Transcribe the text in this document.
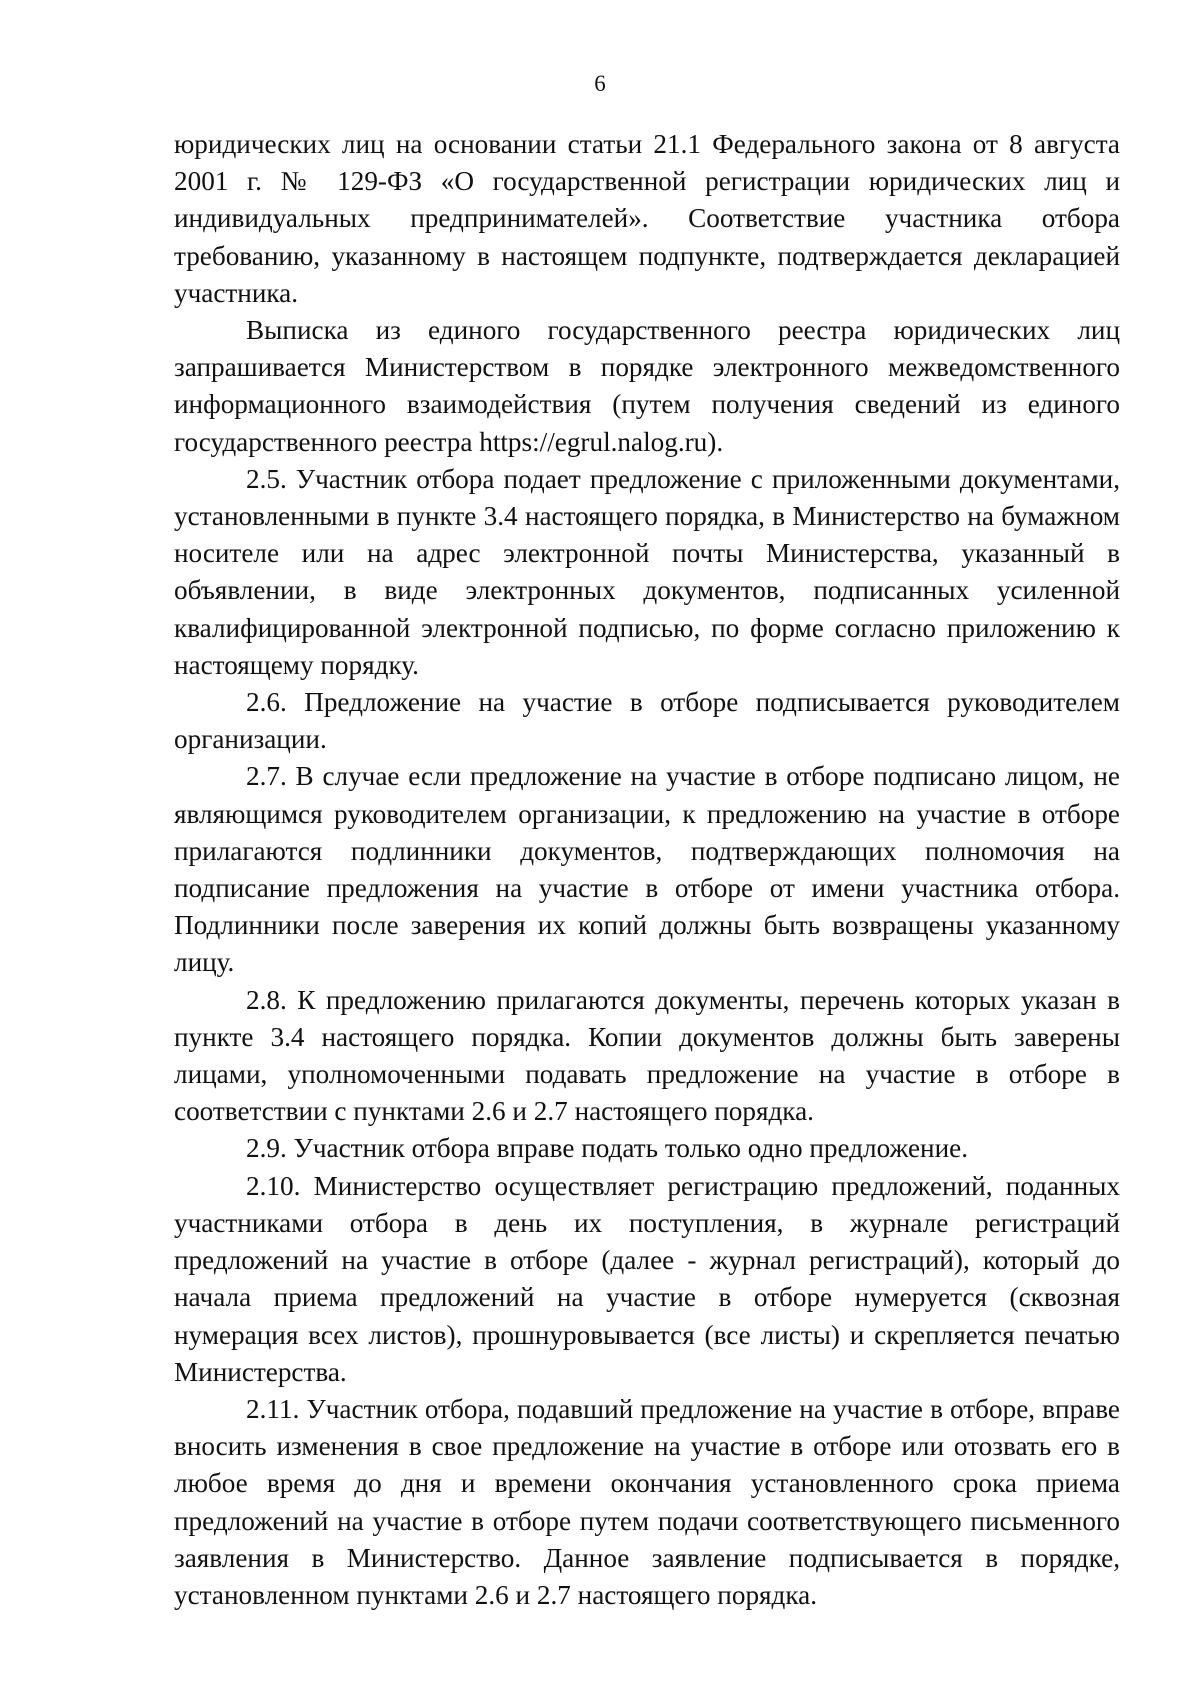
6

юридических лиц на основании статьи 21.1 Федерального закона от 8 августа 2001 г. № 129-ФЗ «О государственной регистрации юридических лиц и индивидуальных предпринимателей». Соответствие участника отбора требованию, указанному в настоящем подпункте, подтверждается декларацией участника.

Выписка из единого государственного реестра юридических лиц запрашивается Министерством в порядке электронного межведомственного информационного взаимодействия (путем получения сведений из единого государственного реестра https://egrul.nalog.ru).

2.5. Участник отбора подает предложение с приложенными документами, установленными в пункте 3.4 настоящего порядка, в Министерство на бумажном носителе или на адрес электронной почты Министерства, указанный в объявлении, в виде электронных документов, подписанных усиленной квалифицированной электронной подписью, по форме согласно приложению к настоящему порядку.

2.6. Предложение на участие в отборе подписывается руководителем организации.

2.7. В случае если предложение на участие в отборе подписано лицом, не являющимся руководителем организации, к предложению на участие в отборе прилагаются подлинники документов, подтверждающих полномочия на подписание предложения на участие в отборе от имени участника отбора. Подлинники после заверения их копий должны быть возвращены указанному лицу.

2.8. К предложению прилагаются документы, перечень которых указан в пункте 3.4 настоящего порядка. Копии документов должны быть заверены лицами, уполномоченными подавать предложение на участие в отборе в соответствии с пунктами 2.6 и 2.7 настоящего порядка.

2.9. Участник отбора вправе подать только одно предложение.

2.10. Министерство осуществляет регистрацию предложений, поданных участниками отбора в день их поступления, в журнале регистраций предложений на участие в отборе (далее - журнал регистраций), который до начала приема предложений на участие в отборе нумеруется (сквозная нумерация всех листов), прошнуровывается (все листы) и скрепляется печатью Министерства.

2.11. Участник отбора, подавший предложение на участие в отборе, вправе вносить изменения в свое предложение на участие в отборе или отозвать его в любое время до дня и времени окончания установленного срока приема предложений на участие в отборе путем подачи соответствующего письменного заявления в Министерство. Данное заявление подписывается в порядке, установленном пунктами 2.6 и 2.7 настоящего порядка.
